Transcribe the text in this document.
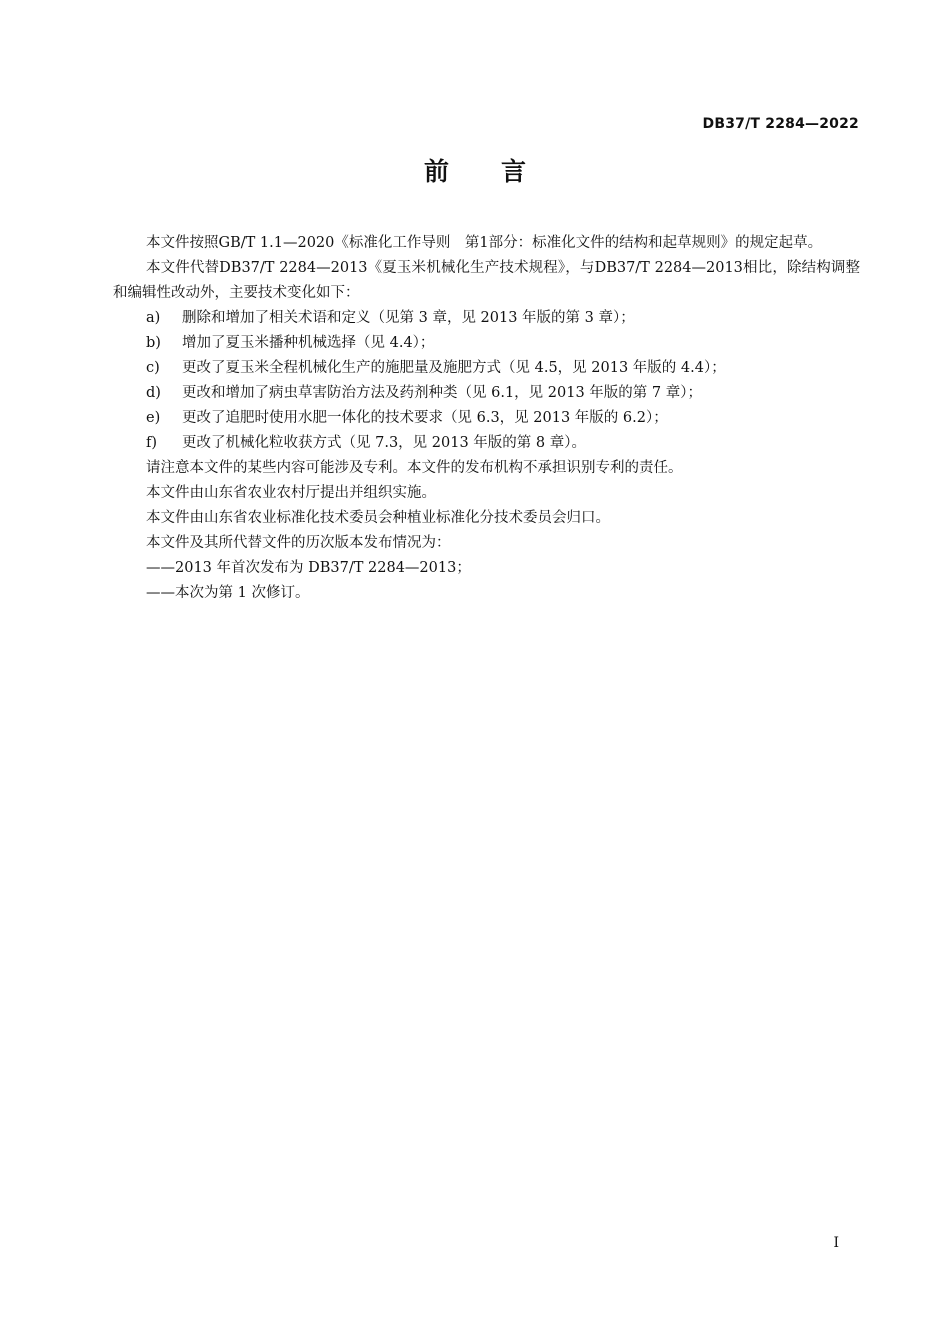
DB37/T 2284—2022
前 言

本文件按照GB/T 1.1—2020《标准化工作导则　第1部分：标准化文件的结构和起草规则》的规定起草。

本文件代替DB37/T 2284—2013《夏玉米机械化生产技术规程》，与DB37/T 2284—2013相比，除结构调整和编辑性改动外，主要技术变化如下：

a) 删除和增加了相关术语和定义（见第 3 章，见 2013 年版的第 3 章）；

b) 增加了夏玉米播种机械选择（见 4.4）；

c) 更改了夏玉米全程机械化生产的施肥量及施肥方式（见 4.5，见 2013 年版的 4.4）；

d) 更改和增加了病虫草害防治方法及药剂种类（见 6.1，见 2013 年版的第 7 章）；

e) 更改了追肥时使用水肥一体化的技术要求（见 6.3，见 2013 年版的 6.2）；

f) 更改了机械化粒收获方式（见 7.3，见 2013 年版的第 8 章）。

请注意本文件的某些内容可能涉及专利。本文件的发布机构不承担识别专利的责任。

本文件由山东省农业农村厅提出并组织实施。

本文件由山东省农业标准化技术委员会种植业标准化分技术委员会归口。

本文件及其所代替文件的历次版本发布情况为：

——2013 年首次发布为 DB37/T 2284—2013；

——本次为第 1 次修订。

I
